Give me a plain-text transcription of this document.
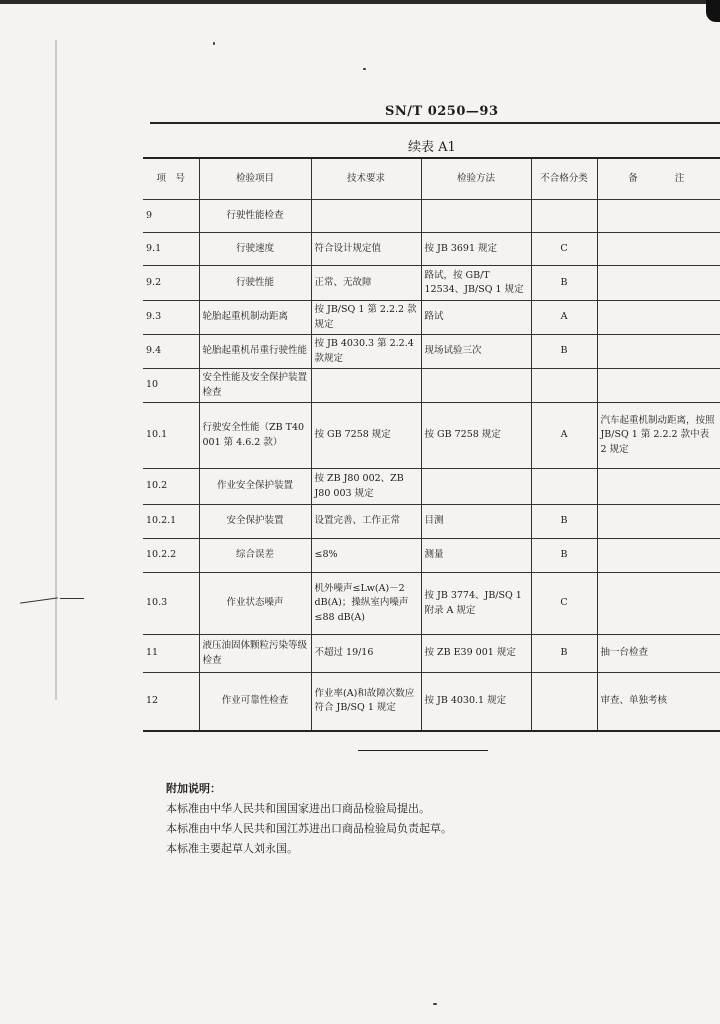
SN/T 0250—93
续表 A1
项　号	检验项目	技术要求	检验方法	不合格分类	备　　注
9	行驶性能检查				
9.1	行驶速度	符合设计规定值	按 JB 3691 规定	C	
9.2	行驶性能	正常、无故障	路试，按 GB/T 12534、JB/SQ 1 规定	B	
9.3	轮胎起重机制动距离	按 JB/SQ 1 第 2.2.2 款规定	路试	A	
9.4	轮胎起重机吊重行驶性能	按 JB 4030.3 第 2.2.4 款规定	现场试验三次	B	
10	安全性能及安全保护装置检查				
10.1	行驶安全性能（ZB T40 001 第 4.6.2 款）	按 GB 7258 规定	按 GB 7258 规定	A	汽车起重机制动距离，按照 JB/SQ 1 第 2.2.2 款中表 2 规定
10.2	作业安全保护装置	按 ZB J80 002、ZB J80 003 规定			
10.2.1	安全保护装置	设置完善、工作正常	目测	B	
10.2.2	综合误差	≤8%	测量	B	
10.3	作业状态噪声	机外噪声≤Lw(A)－2 dB(A)；操纵室内噪声≤88 dB(A)	按 JB 3774、JB/SQ 1 附录 A 规定	C	
11	液压油固体颗粒污染等级检查	不超过 19/16	按 ZB E39 001 规定	B	抽一台检查
12	作业可靠性检查	作业率(A)和故障次数应符合 JB/SQ 1 规定	按 JB 4030.1 规定		审查、单独考核
附加说明：
本标准由中华人民共和国国家进出口商品检验局提出。
本标准由中华人民共和国江苏进出口商品检验局负责起草。
本标准主要起草人刘永国。
